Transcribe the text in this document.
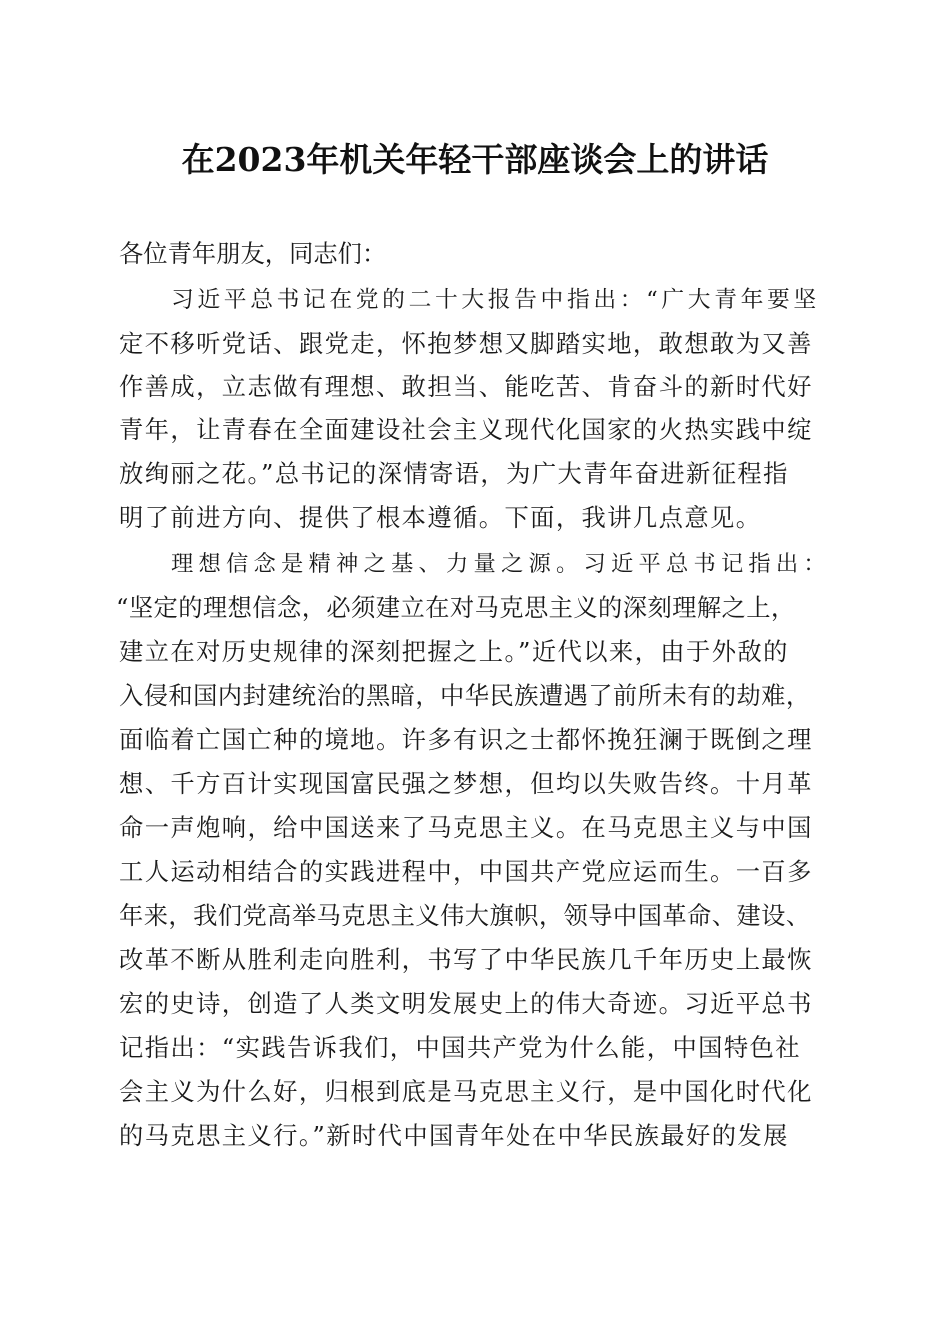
在2023年机关年轻干部座谈会上的讲话
各位青年朋友，同志们：
习近平总书记在党的二十大报告中指出：“广大青年要坚
定不移听党话、跟党走，怀抱梦想又脚踏实地，敢想敢为又善
作善成，立志做有理想、敢担当、能吃苦、肯奋斗的新时代好
青年，让青春在全面建设社会主义现代化国家的火热实践中绽
放绚丽之花。”总书记的深情寄语，为广大青年奋进新征程指
明了前进方向、提供了根本遵循。下面，我讲几点意见。
理想信念是精神之基、力量之源。习近平总书记指出：
“坚定的理想信念，必须建立在对马克思主义的深刻理解之上，
建立在对历史规律的深刻把握之上。”近代以来，由于外敌的
入侵和国内封建统治的黑暗，中华民族遭遇了前所未有的劫难，
面临着亡国亡种的境地。许多有识之士都怀挽狂澜于既倒之理
想、千方百计实现国富民强之梦想，但均以失败告终。十月革
命一声炮响，给中国送来了马克思主义。在马克思主义与中国
工人运动相结合的实践进程中，中国共产党应运而生。一百多
年来，我们党高举马克思主义伟大旗帜，领导中国革命、建设、
改革不断从胜利走向胜利，书写了中华民族几千年历史上最恢
宏的史诗，创造了人类文明发展史上的伟大奇迹。习近平总书
记指出：“实践告诉我们，中国共产党为什么能，中国特色社
会主义为什么好，归根到底是马克思主义行，是中国化时代化
的马克思主义行。”新时代中国青年处在中华民族最好的发展
